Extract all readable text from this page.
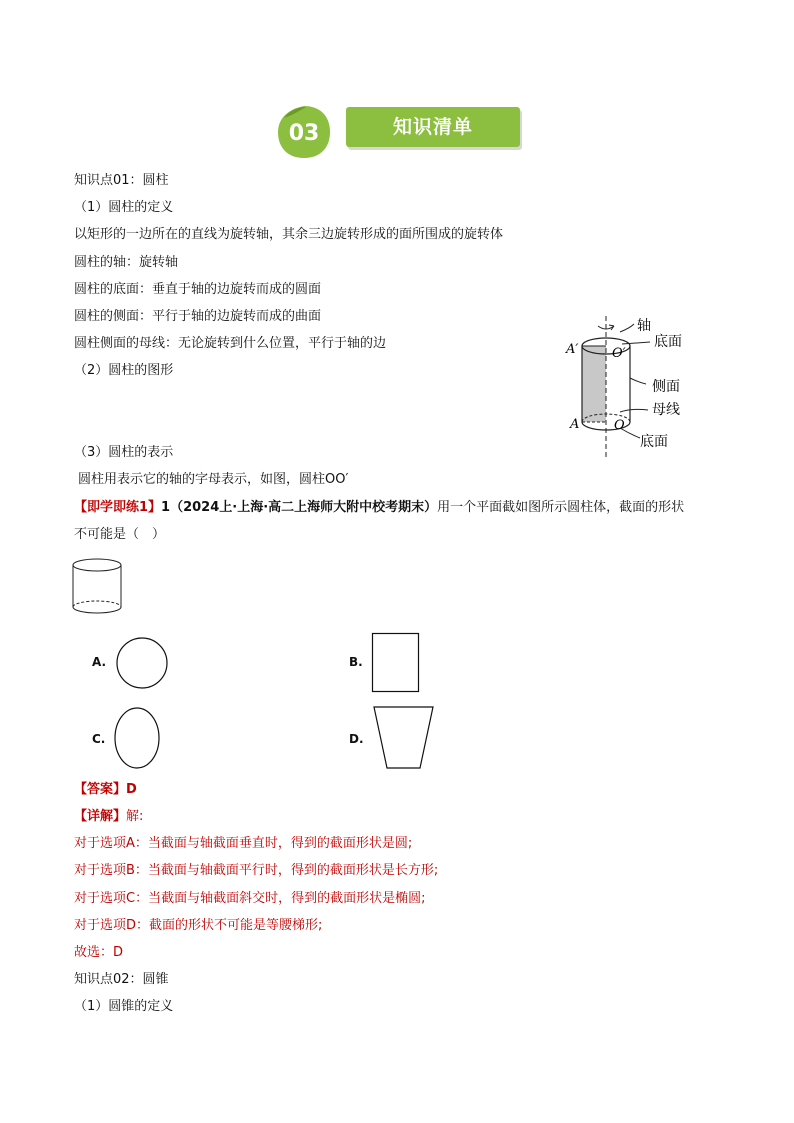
03	知识清单
知识点01：圆柱
（1）圆柱的定义
以矩形的一边所在的直线为旋转轴，其余三边旋转形成的面所围成的旋转体
圆柱的轴：旋转轴
圆柱的底面：垂直于轴的边旋转而成的圆面
圆柱的侧面：平行于轴的边旋转而成的曲面
圆柱侧面的母线：无论旋转到什么位置，平行于轴的边
（2）圆柱的图形
（3）圆柱的表示
圆柱用表示它的轴的字母表示，如图，圆柱OO′
轴
底面
侧面
母线
底面
A′	O′
A	O
【即学即练1】1（2024上·上海·高二上海师大附中校考期末）用一个平面截如图所示圆柱体，截面的形状
不可能是（　）
A.	B.
C.	D.
【答案】D
【详解】解:
对于选项A：当截面与轴截面垂直时，得到的截面形状是圆;
对于选项B：当截面与轴截面平行时，得到的截面形状是长方形;
对于选项C：当截面与轴截面斜交时，得到的截面形状是椭圆;
对于选项D：截面的形状不可能是等腰梯形;
故选：D
知识点02：圆锥
（1）圆锥的定义
